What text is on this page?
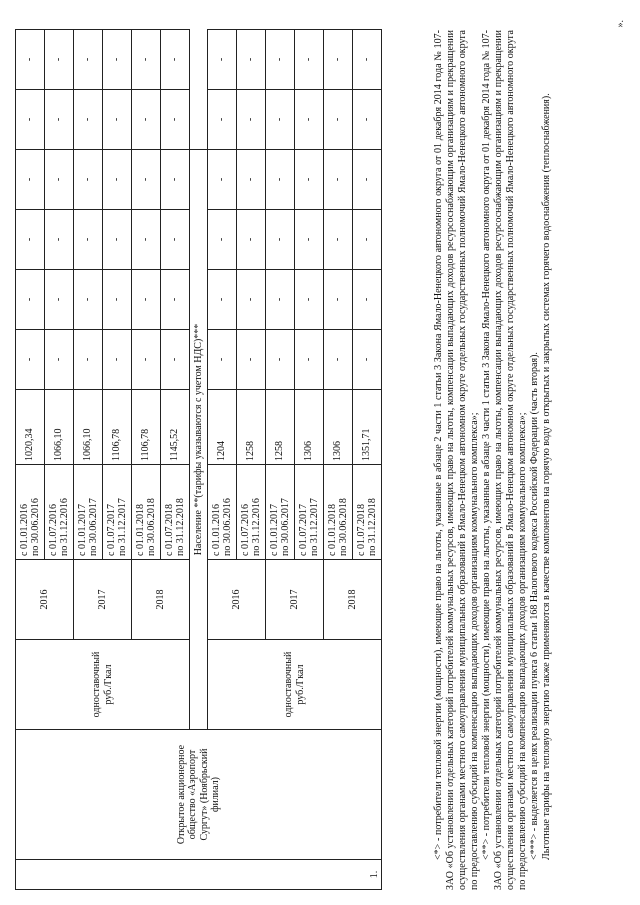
1.	Открытое акционерное общество «Аэропорт Сургут» (Ноябрьский филиал)	одноставочный руб./Гкал	2016	с 01.01.2016 по 30.06.2016	1020,34	-	-	-	-	-	-

				с 01.07.2016 по 31.12.2016	1066,10	-	-	-	-	-	-
			2017	с 01.01.2017 по 30.06.2017	1066,10	-	-	-	-	-	-

				с 01.07.2017 по 31.12.2017	1106,78	-	-	-	-	-	-
			2018	с 01.01.2018 по 30.06.2018	1106,78	-	-	-	-	-	-

				с 01.07.2018 по 31.12.2018	1145,52	-	-	-	-	-	-
		Население **(тарифы указываются с учетом НДС)***									
		одноставочный руб./Гкал	2016	с 01.01.2016 по 30.06.2016	1204	-	-	-	-	-	-

				с 01.07.2016 по 31.12.2016	1258	-	-	-	-	-	-
			2017	с 01.01.2017 по 30.06.2017	1258	-	-	-	-	-	-

				с 01.07.2017 по 31.12.2017	1306	-	-	-	-	-	-
			2018	с 01.01.2018 по 30.06.2018	1306	-	-	-	-	-	-

				с 01.07.2018 по 31.12.2018	1351,71	-	-	-	-	-	-	<*> - потребители тепловой энергии (мощности), имеющие право на льготы, указанные в абзаце 2 части 1 статьи 3 Закона Ямало-Ненецкого автономного округа от 01 декабря 2014 года № 107-ЗАО «Об установлении отдельных категорий потребителей коммунальных ресурсов, имеющих право на льготы, компенсации выпадающих доходов ресурсоснабжающим организациям и прекращении осуществления органами местного самоуправления муниципальных образований в Ямало-Ненецком автономном округе отдельных государственных полномочий Ямало-Ненецкого автономного округа по предоставлению субсидий на компенсацию выпадающих доходов организациям коммунального комплекса»; <**> - потребители тепловой энергии (мощности), имеющие право на льготы, указанные в абзаце 3 части 1 статьи 3 Закона Ямало-Ненецкого автономного округа от 01 декабря 2014 года № 107-ЗАО «Об установлении отдельных категорий потребителей коммунальных ресурсов, имеющих право на льготы, компенсации выпадающих доходов ресурсоснабжающим организациям и прекращении осуществления органами местного самоуправления муниципальных образований в Ямало-Ненецком автономном округе отдельных государственных полномочий Ямало-Ненецкого автономного округа по предоставлению субсидий на компенсацию выпадающих доходов организациям коммунального комплекса»; <***> - выделяется в целях реализации пункта 6 статьи 168 Налогового кодекса Российской Федерации (часть вторая). Льготные тарифы на тепловую энергию также применяются в качестве компонентов на горячую воду в открытых и закрытых системах горячего водоснабжения (теплоснабжения).

».
